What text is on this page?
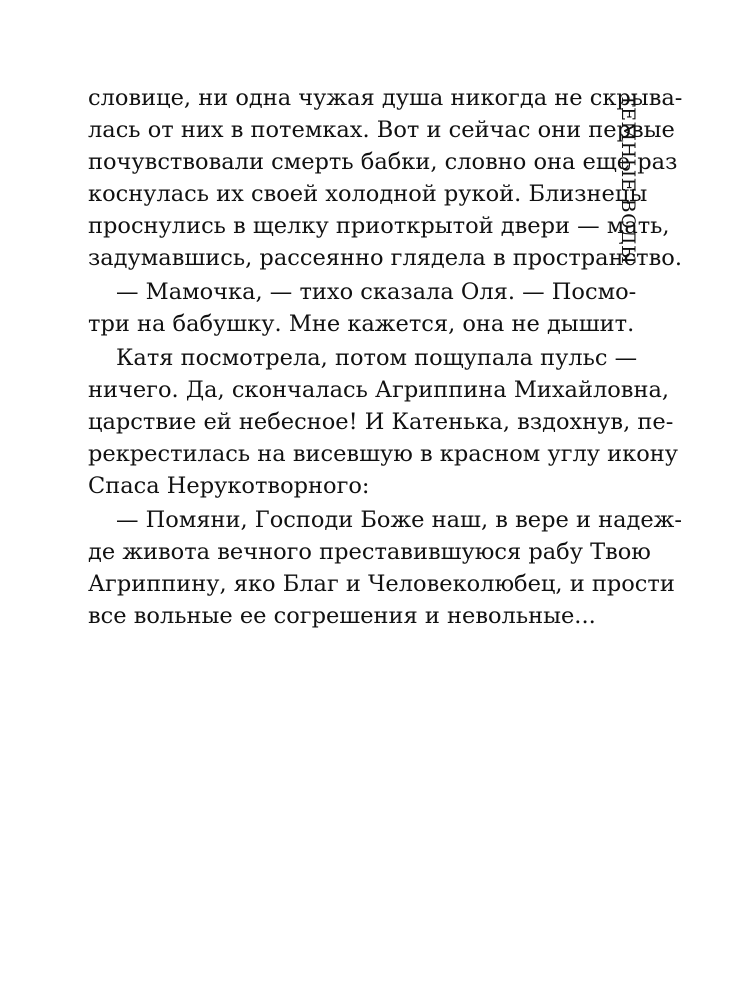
ТЕМНЫЕ ВОДЫ
словице, ни одна чужая душа никогда не скрыва-
лась от них в потемках. Вот и сейчас они первые
почувствовали смерть бабки, словно она еще раз
коснулась их своей холодной рукой. Близнецы
проснулись в щелку приоткрытой двери — мать,
задумавшись, рассеянно глядела в пространство.
— Мамочка, — тихо сказала Оля. — Посмо-
три на бабушку. Мне кажется, она не дышит.
Катя посмотрела, потом пощупала пульс —
ничего. Да, скончалась Агриппина Михайловна,
царствие ей небесное! И Катенька, вздохнув, пе-
рекрестилась на висевшую в красном углу икону
Спаса Нерукотворного:
— Помяни, Господи Боже наш, в вере и надеж-
де живота вечного преставившуюся рабу Твою
Агриппину, яко Благ и Человеколюбец, и прости
все вольные ее согрешения и невольные...
